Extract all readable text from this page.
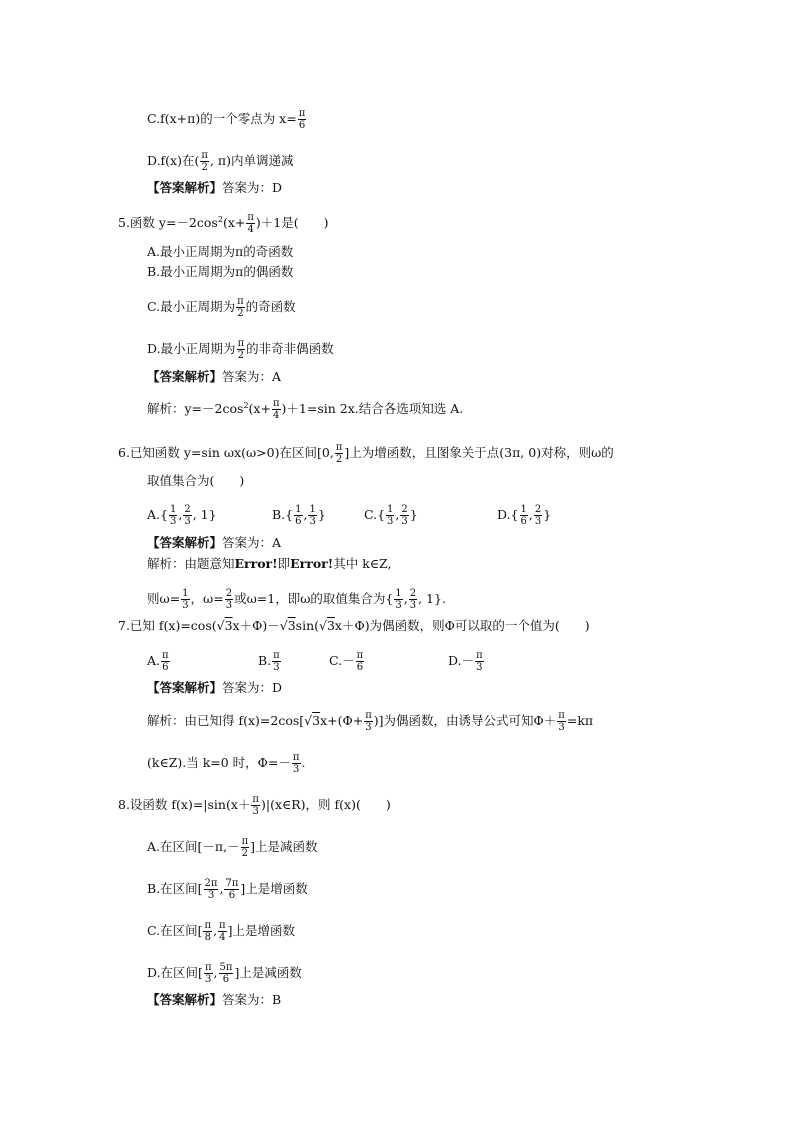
C.f(x+π)的一个零点为 $x= \frac{\pi}{6}$
D.f(x)在( $\frac{\pi}{2}$ , π)内单调递减
【答案解析】答案为：D
5.函数 $y=-2\cos^2(x+ \frac{\pi}{4} )+1$是(　　)
A.最小正周期为π的奇函数
B.最小正周期为π的偶函数
C.最小正周期为 $\frac{\pi}{2}$ 的奇函数
D.最小正周期为 $\frac{\pi}{2}$ 的非奇非偶函数
【答案解析】答案为：A
解析：$y=-2\cos^2(x+ \frac{\pi}{4} )+1=\sin$ 2x.结合各选项知选 A.
6.已知函数 y=sin ωx(ω>0)在区间[0, $\frac{\pi}{2}$ ]上为增函数，且图象关于点(3π, 0)对称，则ω的
取值集合为(　　)
$A.\{ \frac{1}{3}$ , $\frac{2}{3}$ , 1}	$B.\{ \frac{1}{6}$ , $\frac{1}{3}$ }	$C.\{ \frac{1}{3}$ , $\frac{2}{3}$ }	$D.\{ \frac{1}{6}$ , $\frac{2}{3}$ }
【答案解析】答案为：A
解析：由题意知Error!即Error!其中 k∈Z,
则$\omega= \frac{1}{3}$ ，$\omega= \frac{2}{3}$ 或ω=1，即ω的取值集合为{ $\frac{1}{3}$ , $\frac{2}{3}$ , 1}.
7.已知 f(x)=cos(√3x＋Φ)－√3sin(√3x＋Φ)为偶函数，则Φ可以取的一个值为(　　)
A. $\frac{\pi}{6}$	B. $\frac{\pi}{3}$	$C.- \frac{\pi}{6}$	$D.- \frac{\pi}{3}$
【答案解析】答案为：D
解析：由已知得 $f(x)=2\cos[√3x+(\Phi+ \frac{\pi}{3}$ )]为偶函数，由诱导公式可知$\Phi+ \frac{\pi}{3} =k\pi$
(k∈Z).当 k=0 时，$\Phi=- \frac{\pi}{3}$ .
8.设函数 $f(x)=|\sin(x+ \frac{\pi}{3}$ )|(x∈R)，则 f(x)(　　)
A.在区间[$-\pi,- \frac{\pi}{2}$ ]上是减函数
B.在区间[ $\frac{2\pi}{3}$ , $\frac{7\pi}{6}$ ]上是增函数
C.在区间[ $\frac{\pi}{8}$ , $\frac{\pi}{4}$ ]上是增函数
D.在区间[ $\frac{\pi}{3}$ , $\frac{5\pi}{6}$ ]上是减函数
【答案解析】答案为：B
